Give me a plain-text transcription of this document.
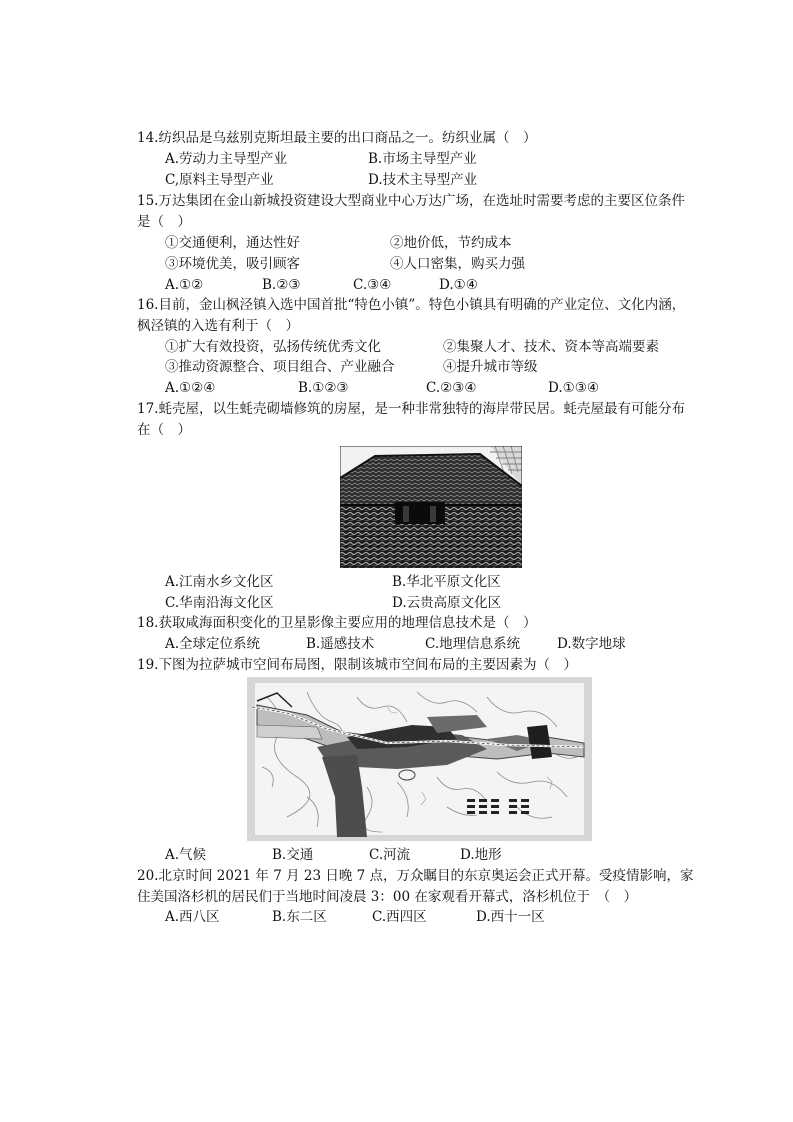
14.纺织品是乌兹别克斯坦最主要的出口商品之一。纺织业属（　）
A.劳动力主导型产业	B.市场主导型产业
C,原料主导型产业	D.技术主导型产业
15.万达集团在金山新城投资建设大型商业中心万达广场，在选址时需要考虑的主要区位条件
是（　）
①交通便利，通达性好	②地价低，节约成本
③环境优美，吸引顾客	④人口密集，购买力强
A.①②	B.②③	C.③④	D.①④
16.目前，金山枫泾镇入选中国首批“特色小镇”。特色小镇具有明确的产业定位、文化内涵，
枫泾镇的入选有利于（　）
①扩大有效投资，弘扬传统优秀文化	②集聚人才、技术、资本等高端要素
③推动资源整合、项目组合、产业融合	④提升城市等级
A.①②④	B.①②③	C.②③④	D.①③④
17.蚝壳屋，以生蚝壳砌墙修筑的房屋，是一种非常独特的海岸带民居。蚝壳屋最有可能分布
在（　）
A.江南水乡文化区	B.华北平原文化区
C.华南沿海文化区	D.云贵高原文化区
18.获取咸海面积变化的卫星影像主要应用的地理信息技术是（　）
A.全球定位系统	B.遥感技术	C.地理信息系统	D.数字地球
19.下图为拉萨城市空间布局图，限制该城市空间布局的主要因素为（　）
A.气候	B.交通	C.河流	D.地形
20.北京时间 2021 年 7 月 23 日晚 7 点，万众瞩目的东京奥运会正式开幕。受疫情影响，家
住美国洛杉机的居民们于当地时间凌晨 3：00 在家观看开幕式，洛杉机位于　（　）
A.西八区	B.东二区	C.西四区	D.西十一区
